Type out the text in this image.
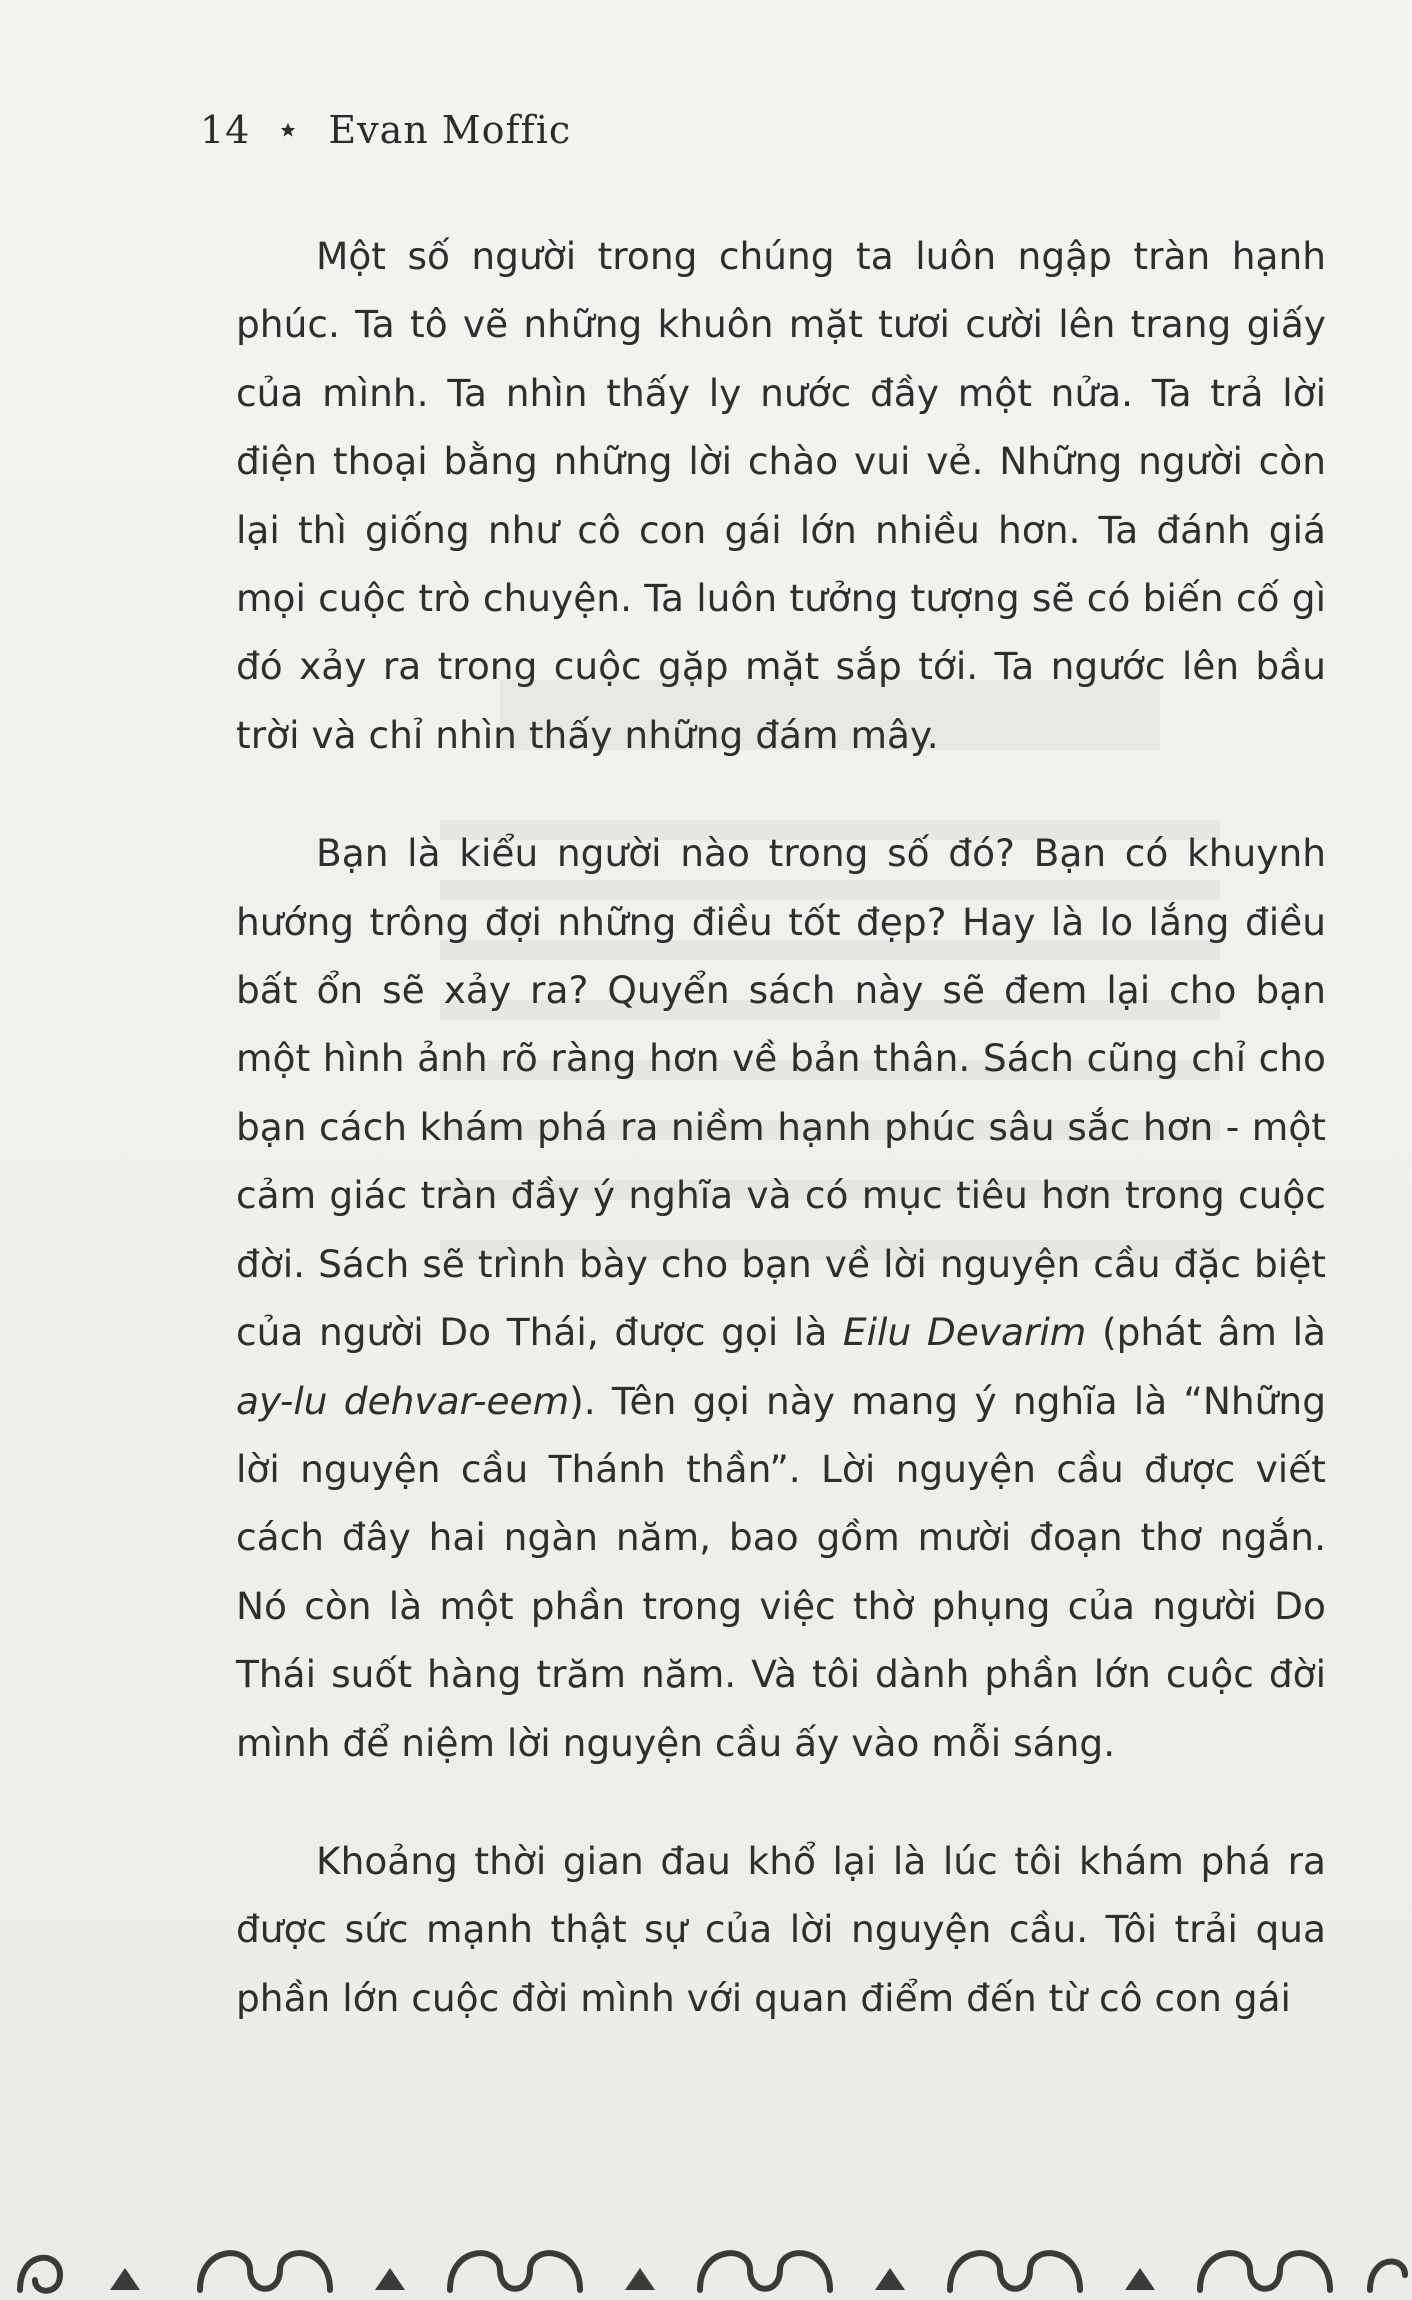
14 Evan Moffic

Một số người trong chúng ta luôn ngập tràn hạnh phúc. Ta tô vẽ những khuôn mặt tươi cười lên trang giấy của mình. Ta nhìn thấy ly nước đầy một nửa. Ta trả lời điện thoại bằng những lời chào vui vẻ. Những người còn lại thì giống như cô con gái lớn nhiều hơn. Ta đánh giá mọi cuộc trò chuyện. Ta luôn tưởng tượng sẽ có biến cố gì đó xảy ra trong cuộc gặp mặt sắp tới. Ta ngước lên bầu trời và chỉ nhìn thấy những đám mây.

Bạn là kiểu người nào trong số đó? Bạn có khuynh hướng trông đợi những điều tốt đẹp? Hay là lo lắng điều bất ổn sẽ xảy ra? Quyển sách này sẽ đem lại cho bạn một hình ảnh rõ ràng hơn về bản thân. Sách cũng chỉ cho bạn cách khám phá ra niềm hạnh phúc sâu sắc hơn - một cảm giác tràn đầy ý nghĩa và có mục tiêu hơn trong cuộc đời. Sách sẽ trình bày cho bạn về lời nguyện cầu đặc biệt của người Do Thái, được gọi là Eilu Devarim (phát âm là ay-lu dehvar-eem). Tên gọi này mang ý nghĩa là “Những lời nguyện cầu Thánh thần”. Lời nguyện cầu được viết cách đây hai ngàn năm, bao gồm mười đoạn thơ ngắn. Nó còn là một phần trong việc thờ phụng của người Do Thái suốt hàng trăm năm. Và tôi dành phần lớn cuộc đời mình để niệm lời nguyện cầu ấy vào mỗi sáng.

Khoảng thời gian đau khổ lại là lúc tôi khám phá ra được sức mạnh thật sự của lời nguyện cầu. Tôi trải qua phần lớn cuộc đời mình với quan điểm đến từ cô con gái
